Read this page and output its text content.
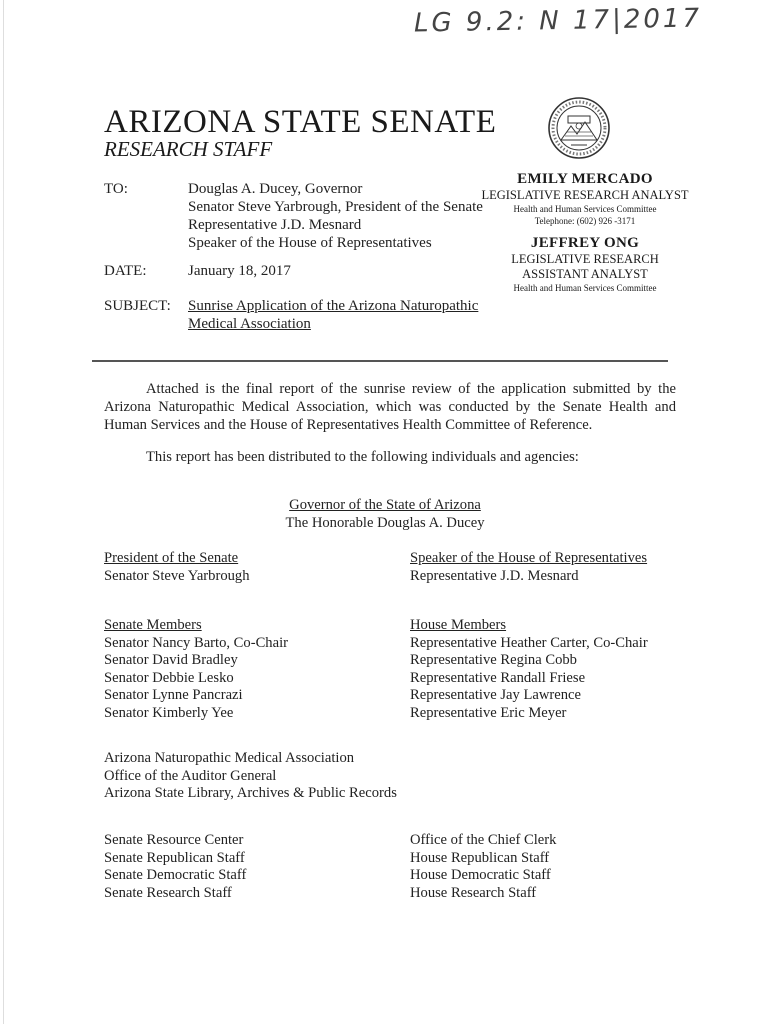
LG 9.2: N 17|2017
ARIZONA STATE SENATE
RESEARCH STAFF
TO:	Douglas A. Ducey, Governor
Senator Steve Yarbrough, President of the Senate
Representative J.D. Mesnard
Speaker of the House of Representatives
DATE:	January 18, 2017
SUBJECT:	Sunrise Application of the Arizona Naturopathic
Medical Association
EMILY MERCADO
LEGISLATIVE RESEARCH ANALYST
Health and Human Services Committee
Telephone: (602) 926 -3171
JEFFREY ONG
LEGISLATIVE RESEARCH
ASSISTANT ANALYST
Health and Human Services Committee
Attached is the final report of the sunrise review of the application submitted by the Arizona Naturopathic Medical Association, which was conducted by the Senate Health and Human Services and the House of Representatives Health Committee of Reference.
This report has been distributed to the following individuals and agencies:
Governor of the State of Arizona
The Honorable Douglas A. Ducey
President of the Senate
Senator Steve Yarbrough
Speaker of the House of Representatives
Representative J.D. Mesnard
Senate Members
Senator Nancy Barto, Co-Chair
Senator David Bradley
Senator Debbie Lesko
Senator Lynne Pancrazi
Senator Kimberly Yee
House Members
Representative Heather Carter, Co-Chair
Representative Regina Cobb
Representative Randall Friese
Representative Jay Lawrence
Representative Eric Meyer
Arizona Naturopathic Medical Association
Office of the Auditor General
Arizona State Library, Archives & Public Records
Senate Resource Center
Senate Republican Staff
Senate Democratic Staff
Senate Research Staff
Office of the Chief Clerk
House Republican Staff
House Democratic Staff
House Research Staff
